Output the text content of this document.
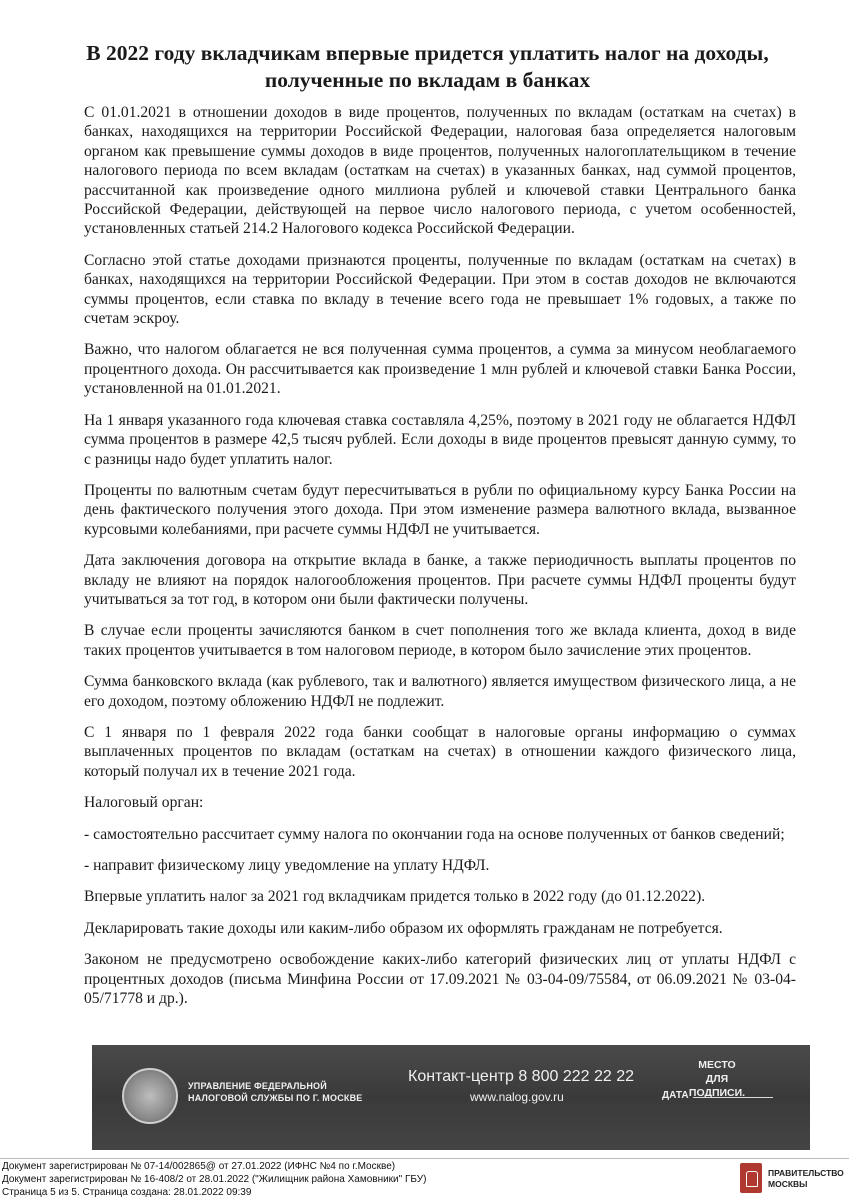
В 2022 году вкладчикам впервые придется уплатить налог на доходы, полученные по вкладам в банках

С 01.01.2021 в отношении доходов в виде процентов, полученных по вкладам (остаткам на счетах) в банках, находящихся на территории Российской Федерации, налоговая база определяется налоговым органом как превышение суммы доходов в виде процентов, полученных налогоплательщиком в течение налогового периода по всем вкладам (остаткам на счетах) в указанных банках, над суммой процентов, рассчитанной как произведение одного миллиона рублей и ключевой ставки Центрального банка Российской Федерации, действующей на первое число налогового периода, с учетом особенностей, установленных статьей 214.2 Налогового кодекса Российской Федерации.

Согласно этой статье доходами признаются проценты, полученные по вкладам (остаткам на счетах) в банках, находящихся на территории Российской Федерации. При этом в состав доходов не включаются суммы процентов, если ставка по вкладу в течение всего года не превышает 1% годовых, а также по счетам эскроу.

Важно, что налогом облагается не вся полученная сумма процентов, а сумма за минусом необлагаемого процентного дохода. Он рассчитывается как произведение 1 млн рублей и ключевой ставки Банка России, установленной на 01.01.2021.

На 1 января указанного года ключевая ставка составляла 4,25%, поэтому в 2021 году не облагается НДФЛ сумма процентов в размере 42,5 тысяч рублей. Если доходы в виде процентов превысят данную сумму, то с разницы надо будет уплатить налог.

Проценты по валютным счетам будут пересчитываться в рубли по официальному курсу Банка России на день фактического получения этого дохода. При этом изменение размера валютного вклада, вызванное курсовыми колебаниями, при расчете суммы НДФЛ не учитывается.

Дата заключения договора на открытие вклада в банке, а также периодичность выплаты процентов по вкладу не влияют на порядок налогообложения процентов. При расчете суммы НДФЛ проценты будут учитываться за тот год, в котором они были фактически получены.

В случае если проценты зачисляются банком в счет пополнения того же вклада клиента, доход в виде таких процентов учитывается в том налоговом периоде, в котором было зачисление этих процентов.

Сумма банковского вклада (как рублевого, так и валютного) является имуществом физического лица, а не его доходом, поэтому обложению НДФЛ не подлежит.

С 1 января по 1 февраля 2022 года банки сообщат в налоговые органы информацию о суммах выплаченных процентов по вкладам (остаткам на счетах) в отношении каждого физического лица, который получал их в течение 2021 года.

Налоговый орган:

- самостоятельно рассчитает сумму налога по окончании года на основе полученных от банков сведений;

- направит физическому лицу уведомление на уплату НДФЛ.

Впервые уплатить налог за 2021 год вкладчикам придется только в 2022 году (до 01.12.2022).

Декларировать такие доходы или каким-либо образом их оформлять гражданам не потребуется.

Законом не предусмотрено освобождение каких-либо категорий физических лиц от уплаты НДФЛ с процентных доходов (письма Минфина России от 17.09.2021 № 03-04-09/75584, от 06.09.2021 № 03-04-05/71778 и др.).

УПРАВЛЕНИЕ ФЕДЕРАЛЬНОЙ
НАЛОГОВОЙ СЛУЖБЫ ПО Г. МОСКВЕ
Контакт-центр 8 800 222 22 22
www.nalog.gov.ru
МЕСТО
ДЛЯ ПОДПИСИ.
ДАТА
Документ зарегистрирован № 07-14/002865@ от 27.01.2022 (ИФНС №4 по г.Москве)
Документ зарегистрирован № 16-408/2 от 28.01.2022 ("Жилищник района Хамовники" ГБУ)
Страница 5 из 5. Страница создана: 28.01.2022 09:39
ПРАВИТЕЛЬСТВО
МОСКВЫ
